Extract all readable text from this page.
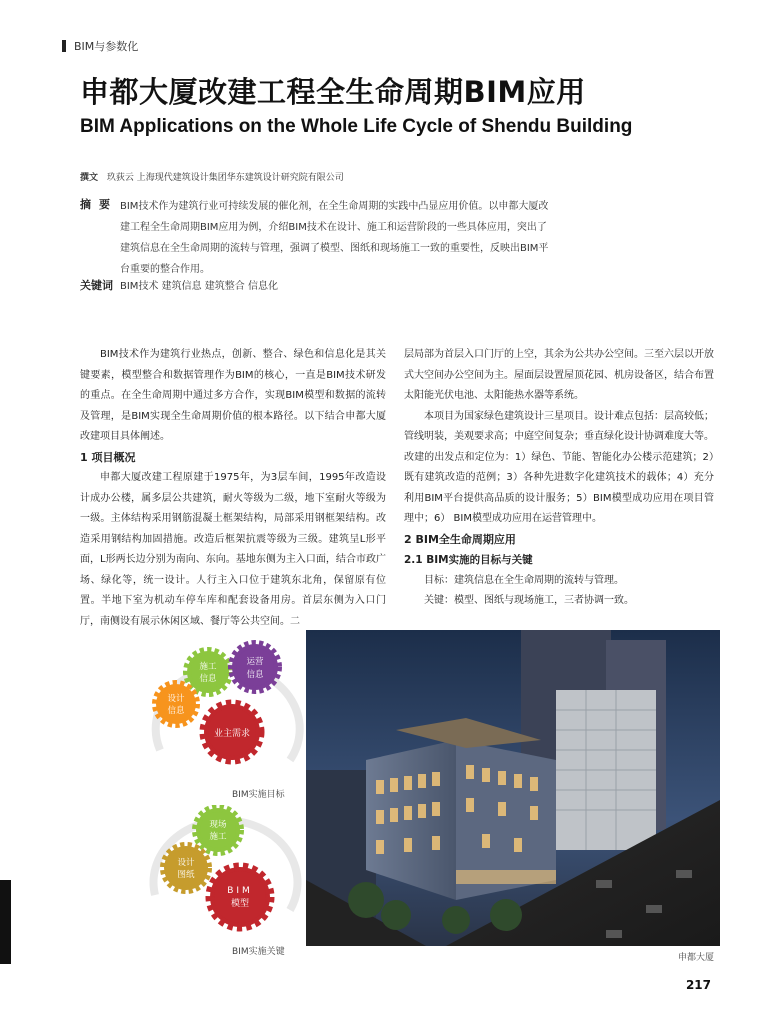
BIM与参数化
申都大厦改建工程全生命周期BIM应用
BIM Applications on the Whole Life Cycle of Shendu Building
撰文 玖荻云 上海现代建筑设计集团华东建筑设计研究院有限公司
摘要 BIM技术作为建筑行业可持续发展的催化剂，在全生命周期的实践中凸显应用价值。以申都大厦改建工程全生命周期BIM应用为例，介绍BIM技术在设计、施工和运营阶段的一些具体应用，突出了建筑信息在全生命周期的流转与管理，强调了模型、图纸和现场施工一致的重要性，反映出BIM平台重要的整合作用。
关键词 BIM技术 建筑信息 建筑整合 信息化

BIM技术作为建筑行业热点，创新、整合、绿色和信息化是其关键要素，模型整合和数据管理作为BIM的核心，一直是BIM技术研发的重点。在全生命周期中通过多方合作，实现BIM模型和数据的流转及管理，是BIM实现全生命周期价值的根本路径。以下结合申都大厦改建项目具体阐述。

1 项目概况

申都大厦改建工程原建于1975年，为3层车间，1995年改造设计成办公楼，属多层公共建筑，耐火等级为二级，地下室耐火等级为一级。主体结构采用钢筋混凝土框架结构，局部采用钢框架结构。改造采用钢结构加固措施。改造后框架抗震等级为三级。建筑呈L形平面，L形两长边分别为南向、东向。基地东侧为主入口面，结合市政广场、绿化等，统一设计。人行主入口位于建筑东北角，保留原有位置。半地下室为机动车停车库和配套设备用房。首层东侧为入口门厅，南侧设有展示休闲区域、餐厅等公共空间。二

层局部为首层入口门厅的上空，其余为公共办公空间。三至六层以开放式大空间办公空间为主。屋面层设置屋顶花园、机房设备区，结合布置太阳能光伏电池、太阳能热水器等系统。

本项目为国家绿色建筑设计三星项目。设计难点包括：层高较低；管线明装，美观要求高；中庭空间复杂；垂直绿化设计协调难度大等。改建的出发点和定位为：1）绿色、节能、智能化办公楼示范建筑；2）既有建筑改造的范例；3）各种先进数字化建筑技术的载体；4）充分利用BIM平台提供高品质的设计服务；5）BIM模型成功应用在项目管理中；6） BIM模型成功应用在运营管理中。

2 BIM全生命周期应用
2.1 BIM实施的目标与关键

目标：建筑信息在全生命周期的流转与管理。

关键：模型、图纸与现场施工，三者协调一致。

施工
信息
运营
信息
设计
信息
业主需求
BIM实施目标
现场
施工
设计
图纸
BIM
模型
BIM实施关键
申都大厦
217
